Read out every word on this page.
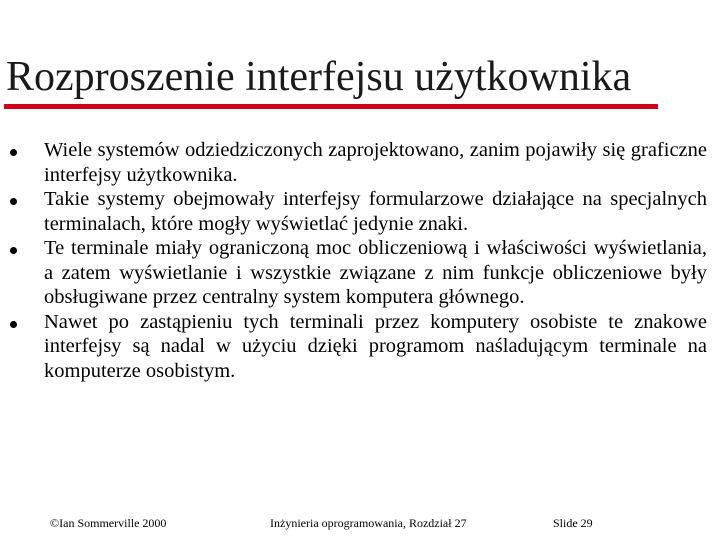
Rozproszenie interfejsu użytkownika
Wiele systemów odziedziczonych zaprojektowano, zanim pojawiły się graficzne interfejsy użytkownika.
Takie systemy obejmowały interfejsy formularzowe działające na specjalnych terminalach, które mogły wyświetlać jedynie znaki.
Te terminale miały ograniczoną moc obliczeniową i właściwości wyświetlania, a zatem wyświetlanie i wszystkie związane z nim funkcje obliczeniowe były obsługiwane przez centralny system komputera głównego.
Nawet po zastąpieniu tych terminali przez komputery osobiste te znakowe interfejsy są nadal w użyciu dzięki programom naśladującym terminale na komputerze osobistym.
©Ian Sommerville 2000	Inżynieria oprogramowania, Rozdział 27	Slide 29
